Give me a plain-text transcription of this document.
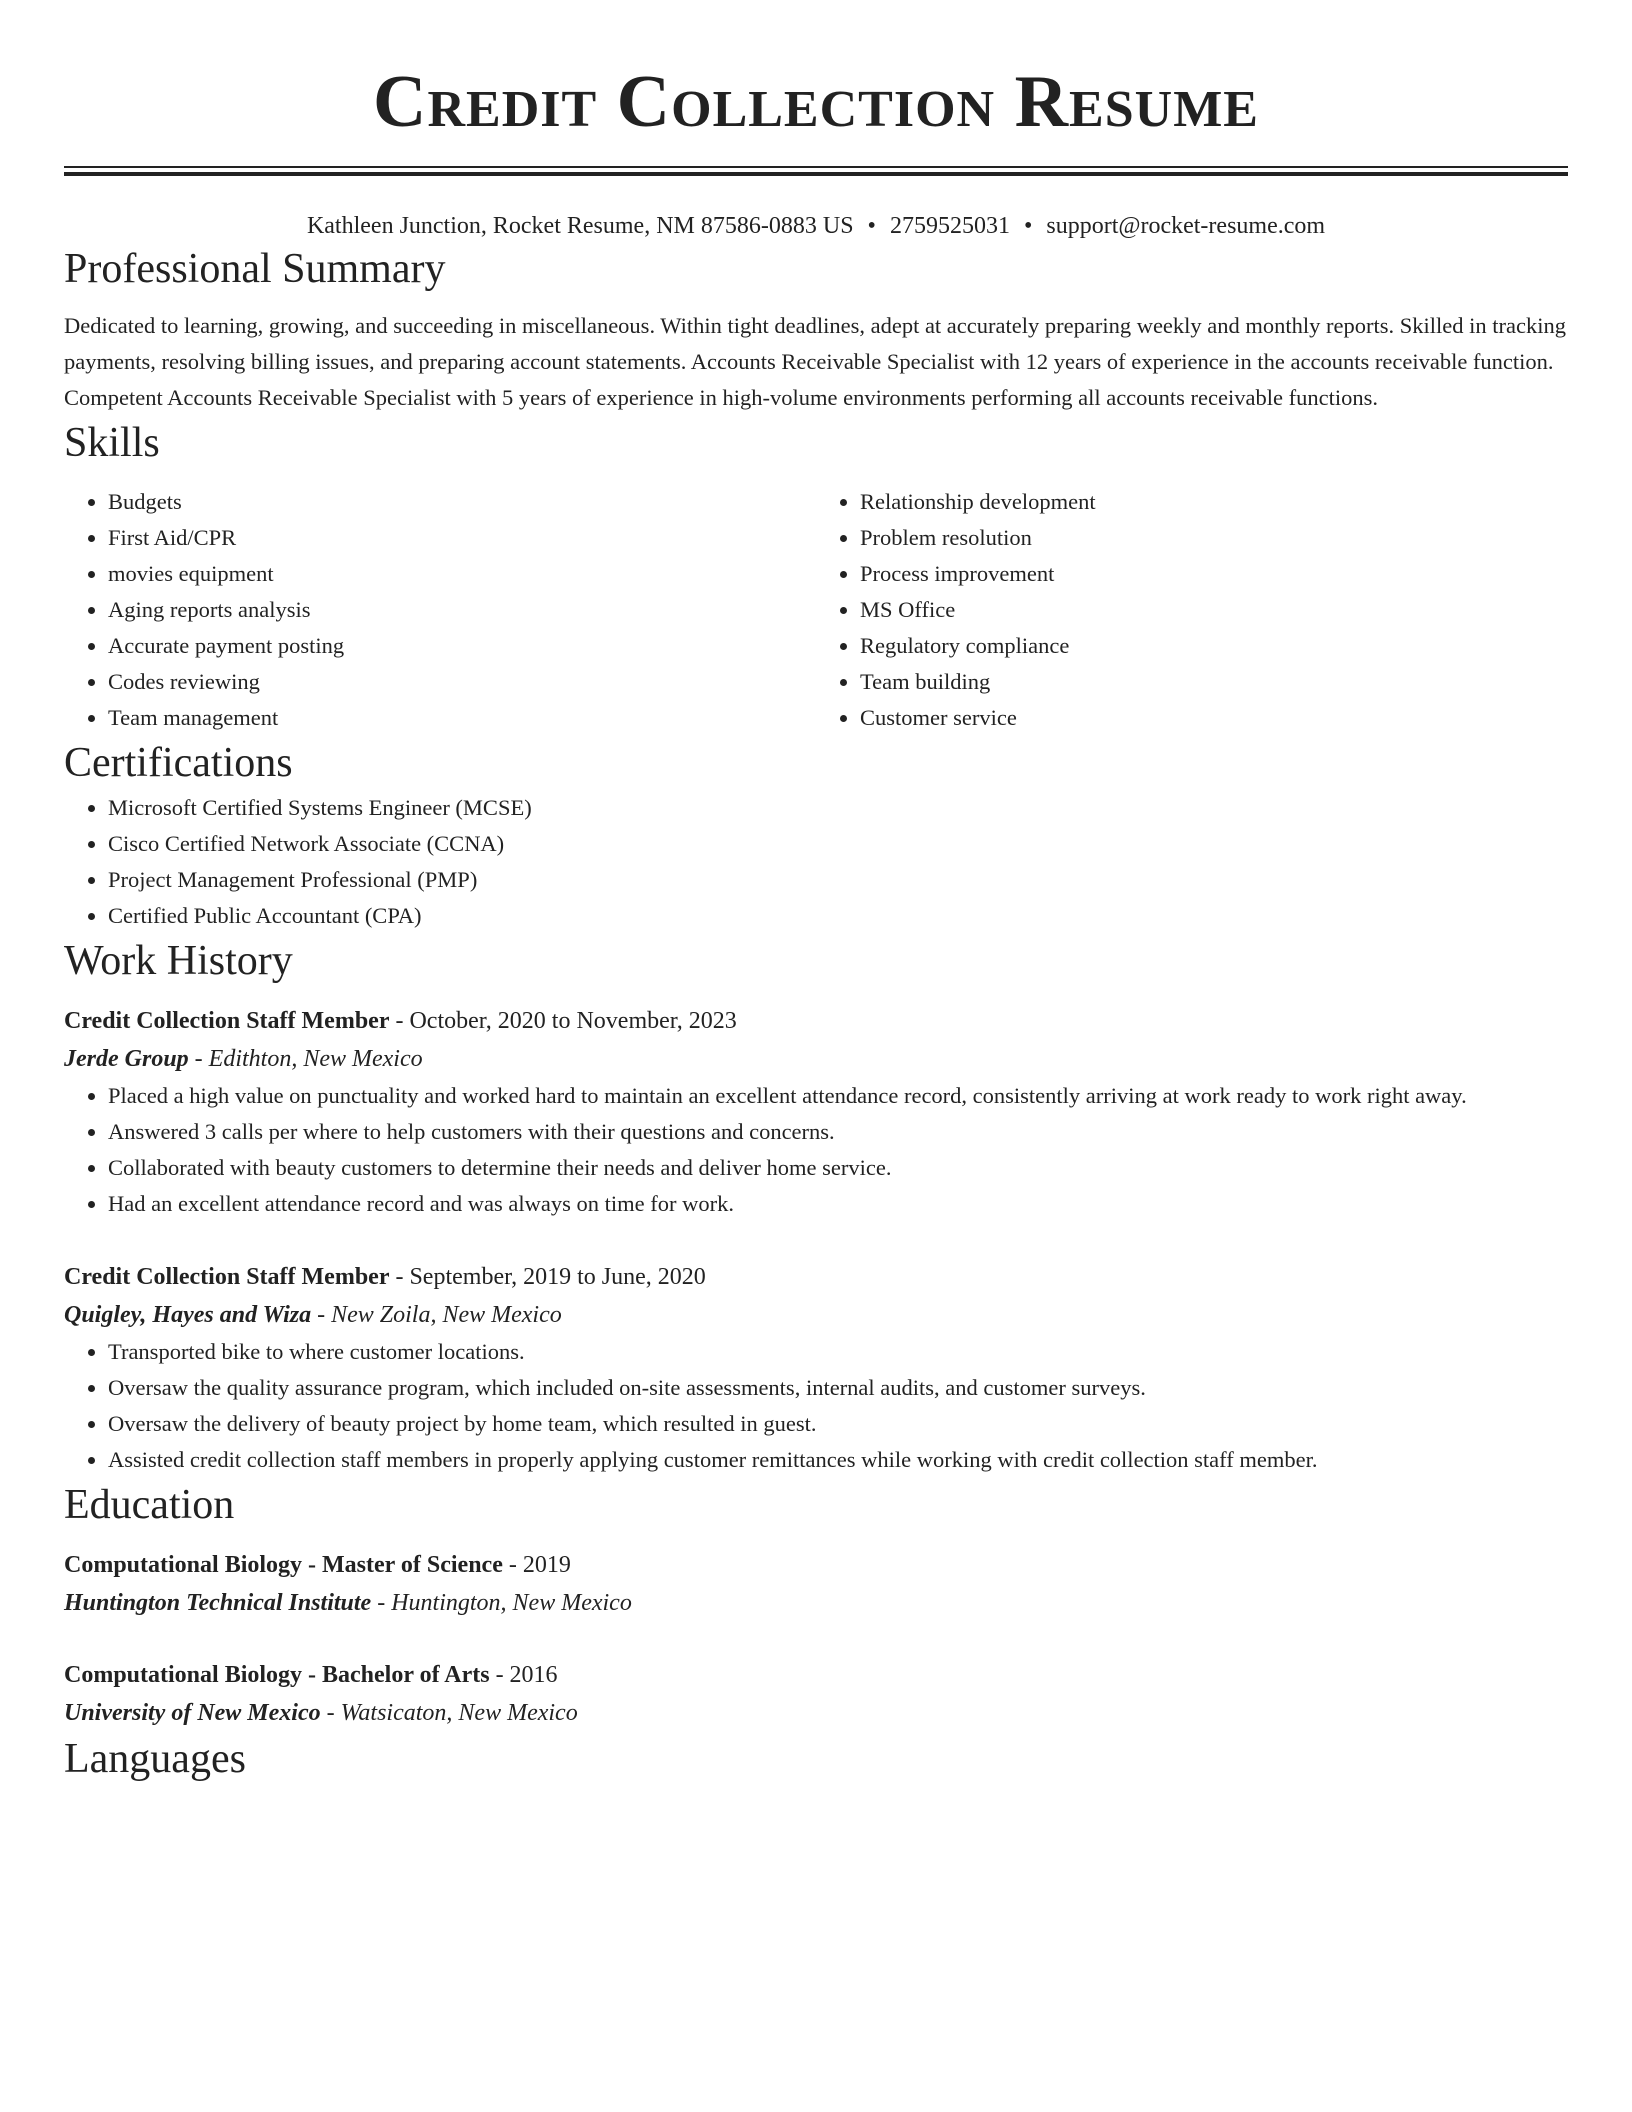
Credit Collection Resume
Kathleen Junction, Rocket Resume, NM 87586-0883 US • 2759525031 • support@rocket-resume.com
Professional Summary
Dedicated to learning, growing, and succeeding in miscellaneous. Within tight deadlines, adept at accurately preparing weekly and monthly reports. Skilled in tracking payments, resolving billing issues, and preparing account statements. Accounts Receivable Specialist with 12 years of experience in the accounts receivable function. Competent Accounts Receivable Specialist with 5 years of experience in high-volume environments performing all accounts receivable functions.
Skills
• Budgets
• First Aid/CPR
• movies equipment
• Aging reports analysis
• Accurate payment posting
• Codes reviewing
• Team management
• Relationship development
• Problem resolution
• Process improvement
• MS Office
• Regulatory compliance
• Team building
• Customer service
Certifications
• Microsoft Certified Systems Engineer (MCSE)
• Cisco Certified Network Associate (CCNA)
• Project Management Professional (PMP)
• Certified Public Accountant (CPA)
Work History
Credit Collection Staff Member - October, 2020 to November, 2023
Jerde Group - Edithton, New Mexico
• Placed a high value on punctuality and worked hard to maintain an excellent attendance record, consistently arriving at work ready to work right away.
• Answered 3 calls per where to help customers with their questions and concerns.
• Collaborated with beauty customers to determine their needs and deliver home service.
• Had an excellent attendance record and was always on time for work.
Credit Collection Staff Member - September, 2019 to June, 2020
Quigley, Hayes and Wiza - New Zoila, New Mexico
• Transported bike to where customer locations.
• Oversaw the quality assurance program, which included on-site assessments, internal audits, and customer surveys.
• Oversaw the delivery of beauty project by home team, which resulted in guest.
• Assisted credit collection staff members in properly applying customer remittances while working with credit collection staff member.
Education
Computational Biology - Master of Science - 2019
Huntington Technical Institute - Huntington, New Mexico
Computational Biology - Bachelor of Arts - 2016
University of New Mexico - Watsicaton, New Mexico
Languages
